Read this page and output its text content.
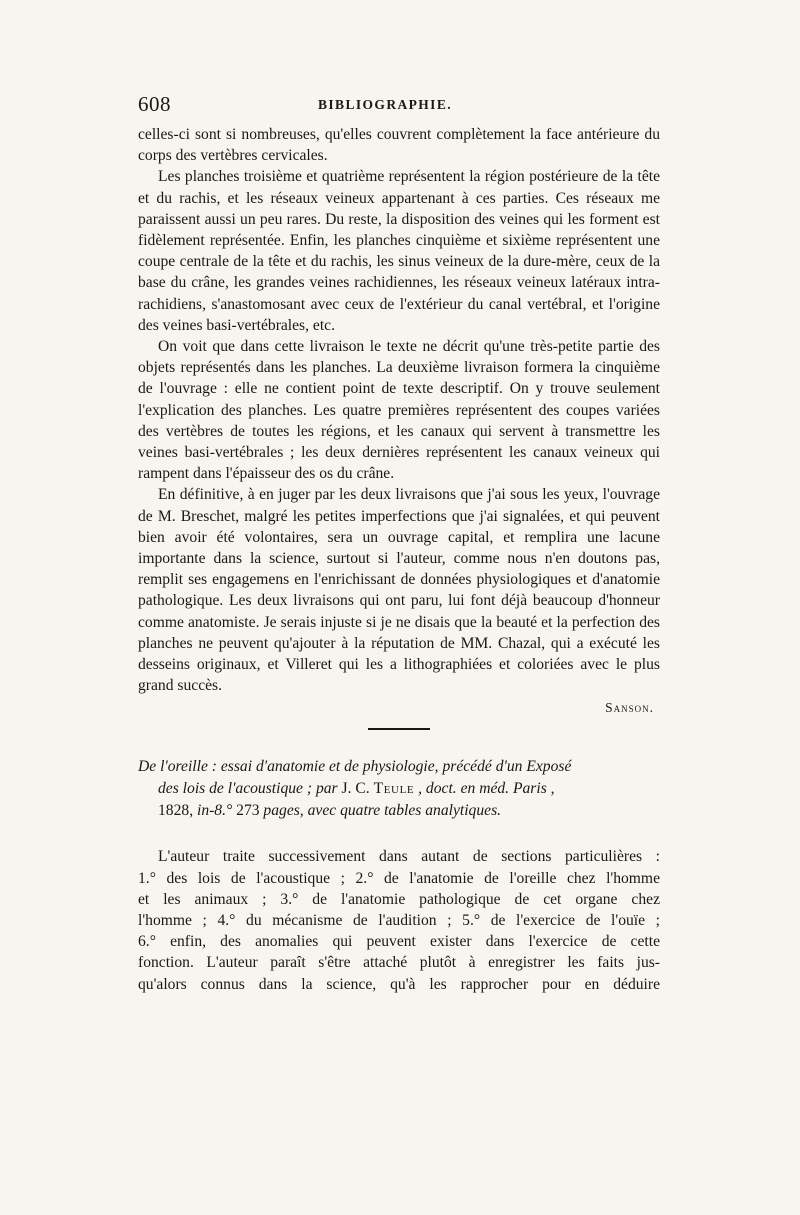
608	BIBLIOGRAPHIE.

celles-ci sont si nombreuses, qu'elles couvrent complètement la face antérieure du corps des vertèbres cervicales.

Les planches troisième et quatrième représentent la région postérieure de la tête et du rachis, et les réseaux veineux appartenant à ces parties. Ces réseaux me paraissent aussi un peu rares. Du reste, la disposition des veines qui les forment est fidèlement représentée. Enfin, les planches cinquième et sixième représentent une coupe centrale de la tête et du rachis, les sinus veineux de la dure-mère, ceux de la base du crâne, les grandes veines rachidiennes, les réseaux veineux latéraux intra-rachidiens, s'anastomosant avec ceux de l'extérieur du canal vertébral, et l'origine des veines basi-vertébrales, etc.

On voit que dans cette livraison le texte ne décrit qu'une très-petite partie des objets représentés dans les planches. La deuxième livraison formera la cinquième de l'ouvrage : elle ne contient point de texte descriptif. On y trouve seulement l'explication des planches. Les quatre premières représentent des coupes variées des vertèbres de toutes les régions, et les canaux qui servent à transmettre les veines basi-vertébrales ; les deux dernières représentent les canaux veineux qui rampent dans l'épaisseur des os du crâne.

En définitive, à en juger par les deux livraisons que j'ai sous les yeux, l'ouvrage de M. Breschet, malgré les petites imperfections que j'ai signalées, et qui peuvent bien avoir été volontaires, sera un ouvrage capital, et remplira une lacune importante dans la science, surtout si l'auteur, comme nous n'en doutons pas, remplit ses engagemens en l'enrichissant de données physiologiques et d'anatomie pathologique. Les deux livraisons qui ont paru, lui font déjà beaucoup d'honneur comme anatomiste. Je serais injuste si je ne disais que la beauté et la perfection des planches ne peuvent qu'ajouter à la réputation de MM. Chazal, qui a exécuté les desseins originaux, et Villeret qui les a lithographiées et coloriées avec le plus grand succès.

Sanson.
De l'oreille : essai d'anatomie et de physiologie, précédé d'un Exposé
des lois de l'acoustique ; par J. C. Teule , doct. en méd. Paris ,
1828, in-8.° 273 pages, avec quatre tables analytiques.
L'auteur traite successivement dans autant de sections particulières :
1.° des lois de l'acoustique ; 2.° de l'anatomie de l'oreille chez l'homme
et les animaux ; 3.° de l'anatomie pathologique de cet organe chez
l'homme ; 4.° du mécanisme de l'audition ; 5.° de l'exercice de l'ouïe ;
6.° enfin, des anomalies qui peuvent exister dans l'exercice de cette
fonction. L'auteur paraît s'être attaché plutôt à enregistrer les faits jus-
qu'alors connus dans la science, qu'à les rapprocher pour en déduire
